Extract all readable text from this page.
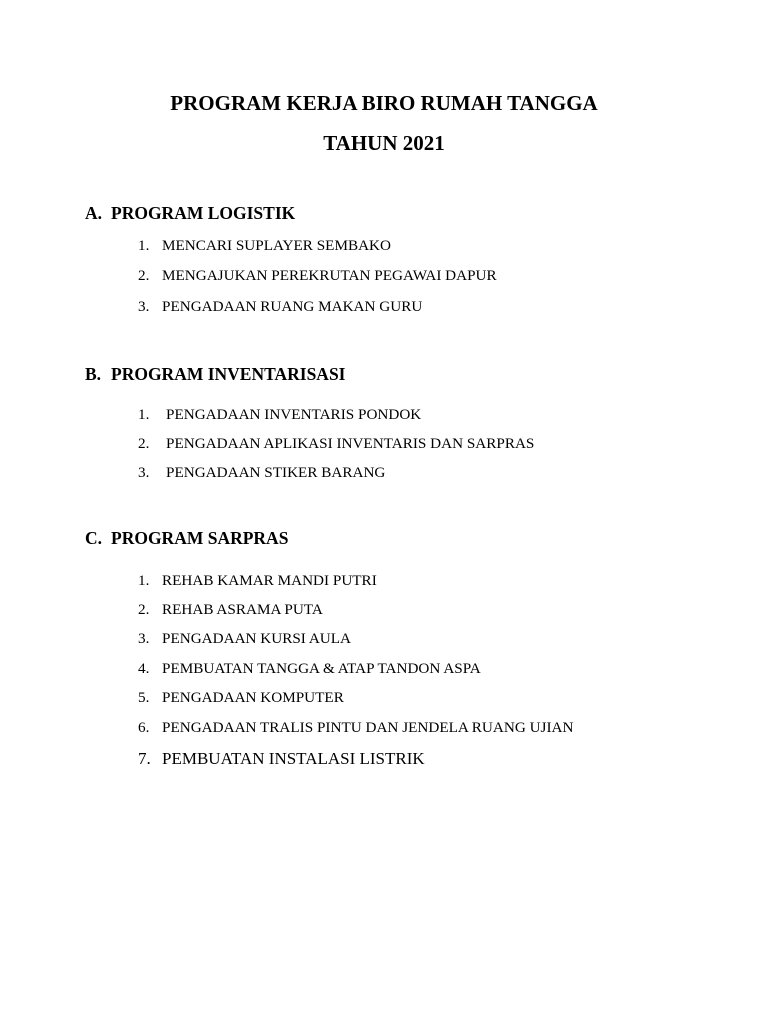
PROGRAM KERJA BIRO RUMAH TANGGA
TAHUN 2021
A. PROGRAM LOGISTIK
1. MENCARI SUPLAYER SEMBAKO
2. MENGAJUKAN PEREKRUTAN PEGAWAI DAPUR
3. PENGADAAN RUANG MAKAN GURU
B. PROGRAM INVENTARISASI
1. PENGADAAN INVENTARIS PONDOK
2. PENGADAAN APLIKASI INVENTARIS DAN SARPRAS
3. PENGADAAN STIKER BARANG
C. PROGRAM SARPRAS
1. REHAB KAMAR MANDI PUTRI
2. REHAB ASRAMA PUTA
3. PENGADAAN KURSI AULA
4. PEMBUATAN TANGGA & ATAP TANDON ASPA
5. PENGADAAN KOMPUTER
6. PENGADAAN TRALIS PINTU DAN JENDELA RUANG UJIAN
7. PEMBUATAN INSTALASI LISTRIK
